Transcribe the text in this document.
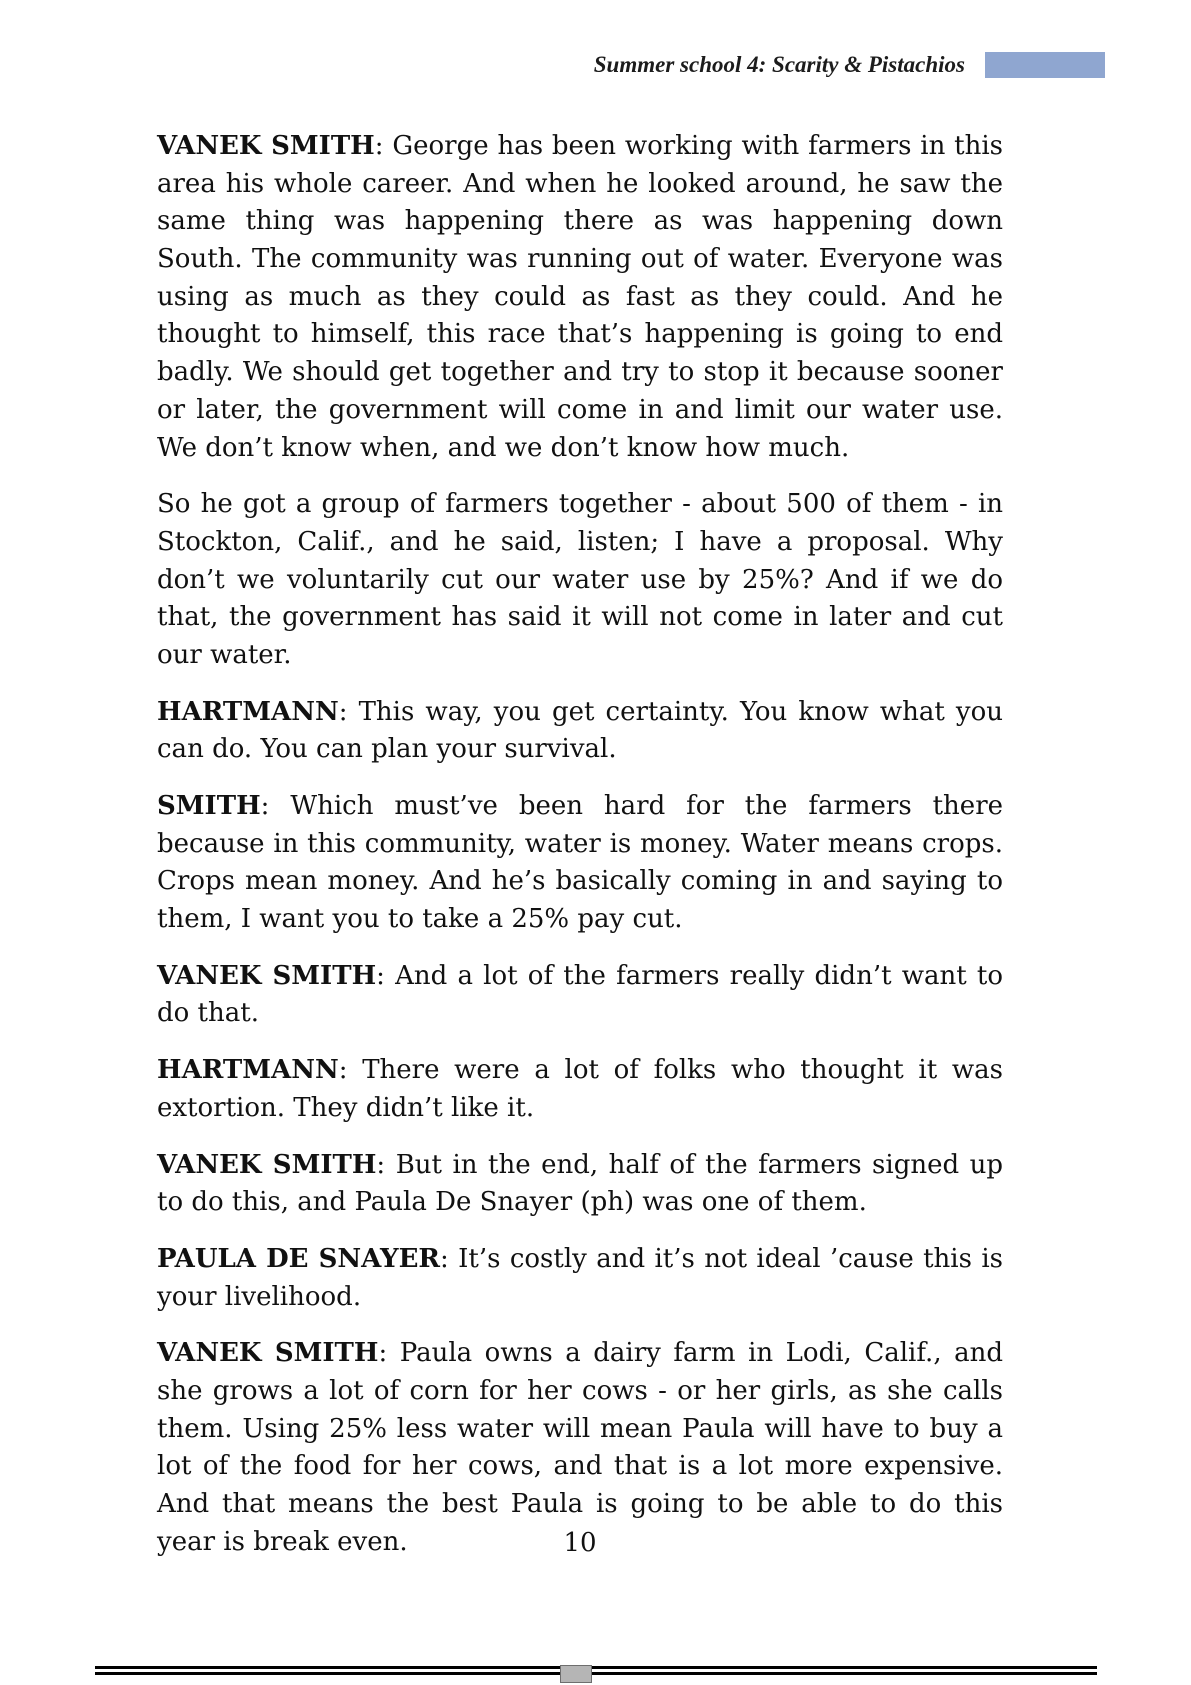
Summer school 4: Scarity & Pistachios

VANEK SMITH: George has been working with farmers in this area his whole career. And when he looked around, he saw the same thing was happening there as was happening down South. The community was running out of water. Everyone was using as much as they could as fast as they could. And he thought to himself, this race that’s happening is going to end badly. We should get together and try to stop it because sooner or later, the government will come in and limit our water use. We don’t know when, and we don’t know how much.

So he got a group of farmers together - about 500 of them - in Stockton, Calif., and he said, listen; I have a proposal. Why don’t we voluntarily cut our water use by 25%? And if we do that, the government has said it will not come in later and cut our water.

HARTMANN: This way, you get certainty. You know what you can do. You can plan your survival.

SMITH: Which must’ve been hard for the farmers there because in this community, water is money. Water means crops. Crops mean money. And he’s basically coming in and saying to them, I want you to take a 25% pay cut.

VANEK SMITH: And a lot of the farmers really didn’t want to do that.

HARTMANN: There were a lot of folks who thought it was extortion. They didn’t like it.

VANEK SMITH: But in the end, half of the farmers signed up to do this, and Paula De Snayer (ph) was one of them.

PAULA DE SNAYER: It’s costly and it’s not ideal ’cause this is your livelihood.

VANEK SMITH: Paula owns a dairy farm in Lodi, Calif., and she grows a lot of corn for her cows - or her girls, as she calls them. Using 25% less water will mean Paula will have to buy a lot of the food for her cows, and that is a lot more expensive. And that means the best Paula is going to be able to do this year is break even.	10
